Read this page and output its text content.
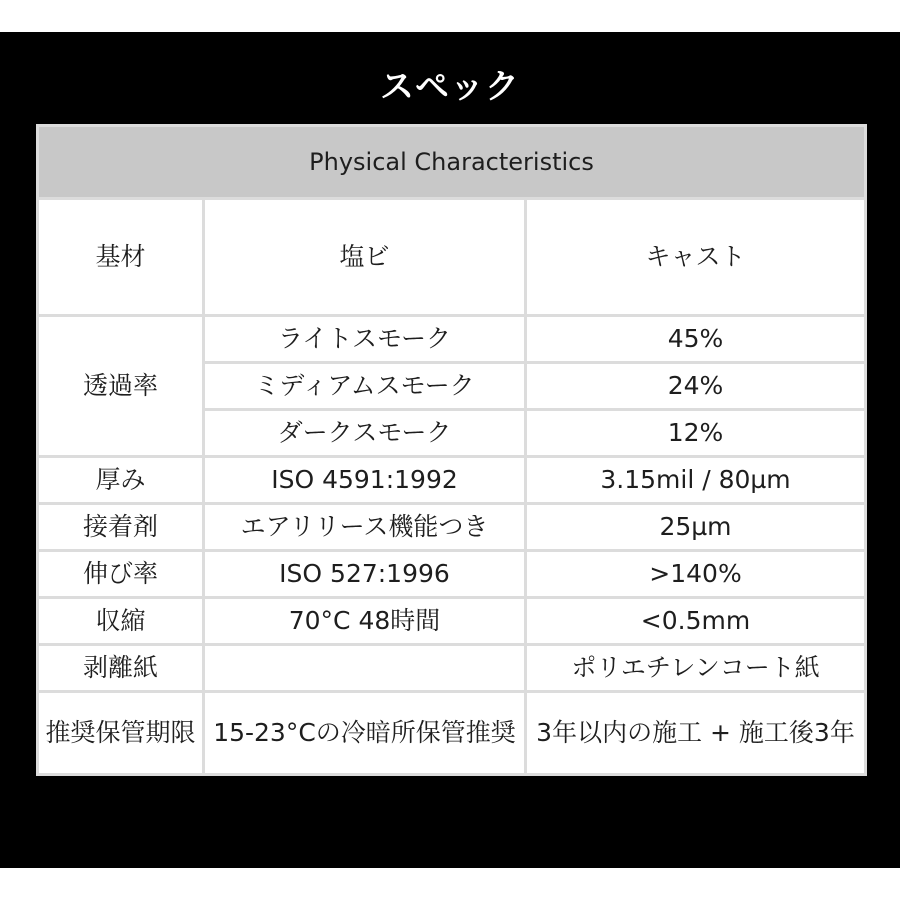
スペック
Physical Characteristics		
基材	塩ビ	キャスト
透過率	ライトスモーク	45%
	ミディアムスモーク	24%
	ダークスモーク	12%
厚み	ISO 4591:1992	3.15mil / 80µm
接着剤	エアリリース機能つき	25µm
伸び率	ISO 527:1996	>140%
収縮	70°C 48時間	<0.5mm
剥離紙		ポリエチレンコート紙
推奨保管期限	15-23°Cの冷暗所保管推奨	3年以内の施工 + 施工後3年
